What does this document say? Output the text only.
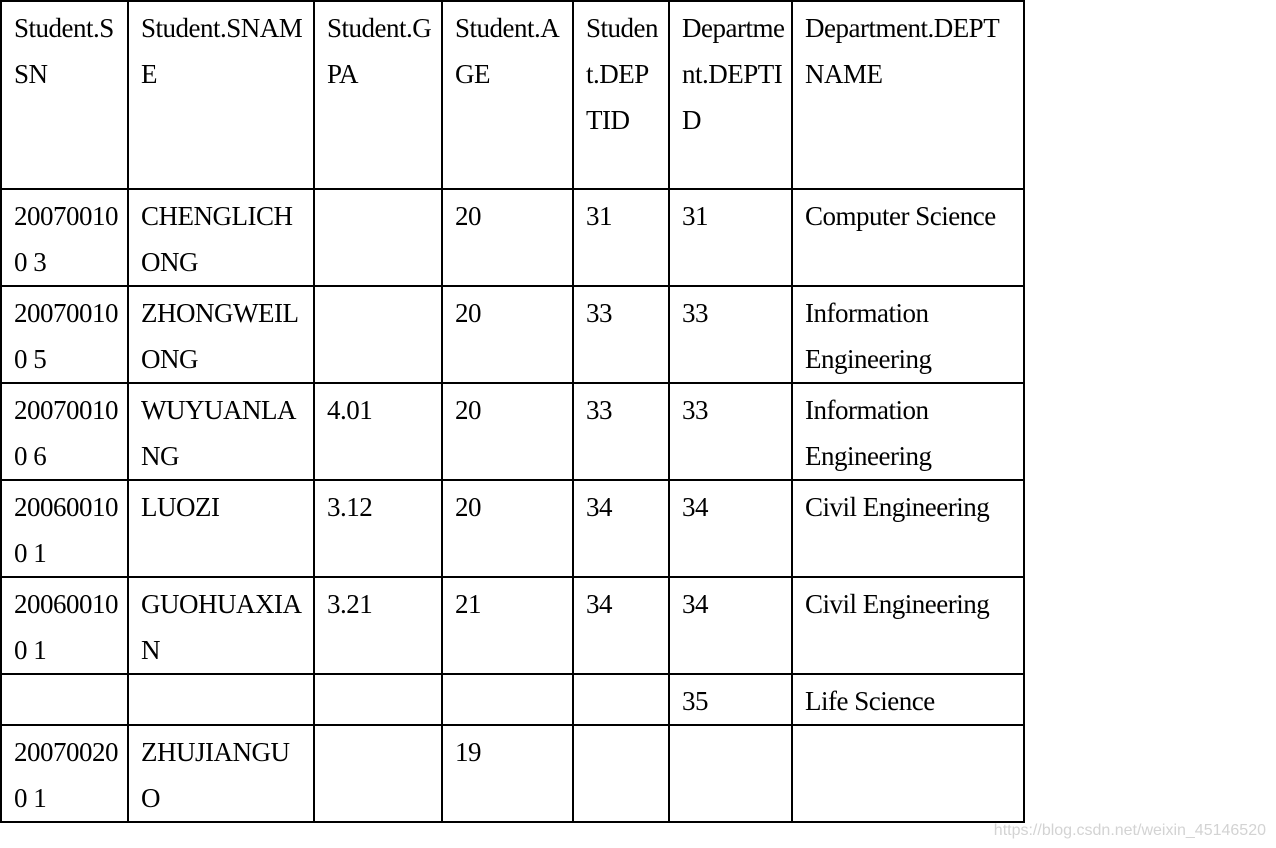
Student.SSN	Student.SNAME	Student.GPA	Student.AGE	Student.DEPTID	Department.DEPTID	Department.DEPTNAME
200700100 3	CHENGLICHONG		20	31	31	Computer Science
200700100 5	ZHONGWEILONG		20	33	33	Information Engineering
200700100 6	WUYUANLANG	4.01	20	33	33	Information Engineering
200600100 1	LUOZI	3.12	20	34	34	Civil Engineering
200600100 1	GUOHUAXIAN	3.21	21	34	34	Civil Engineering
					35	Life Science
200700200 1	ZHUJIANGUO		19			
https://blog.csdn.net/weixin_45146520
